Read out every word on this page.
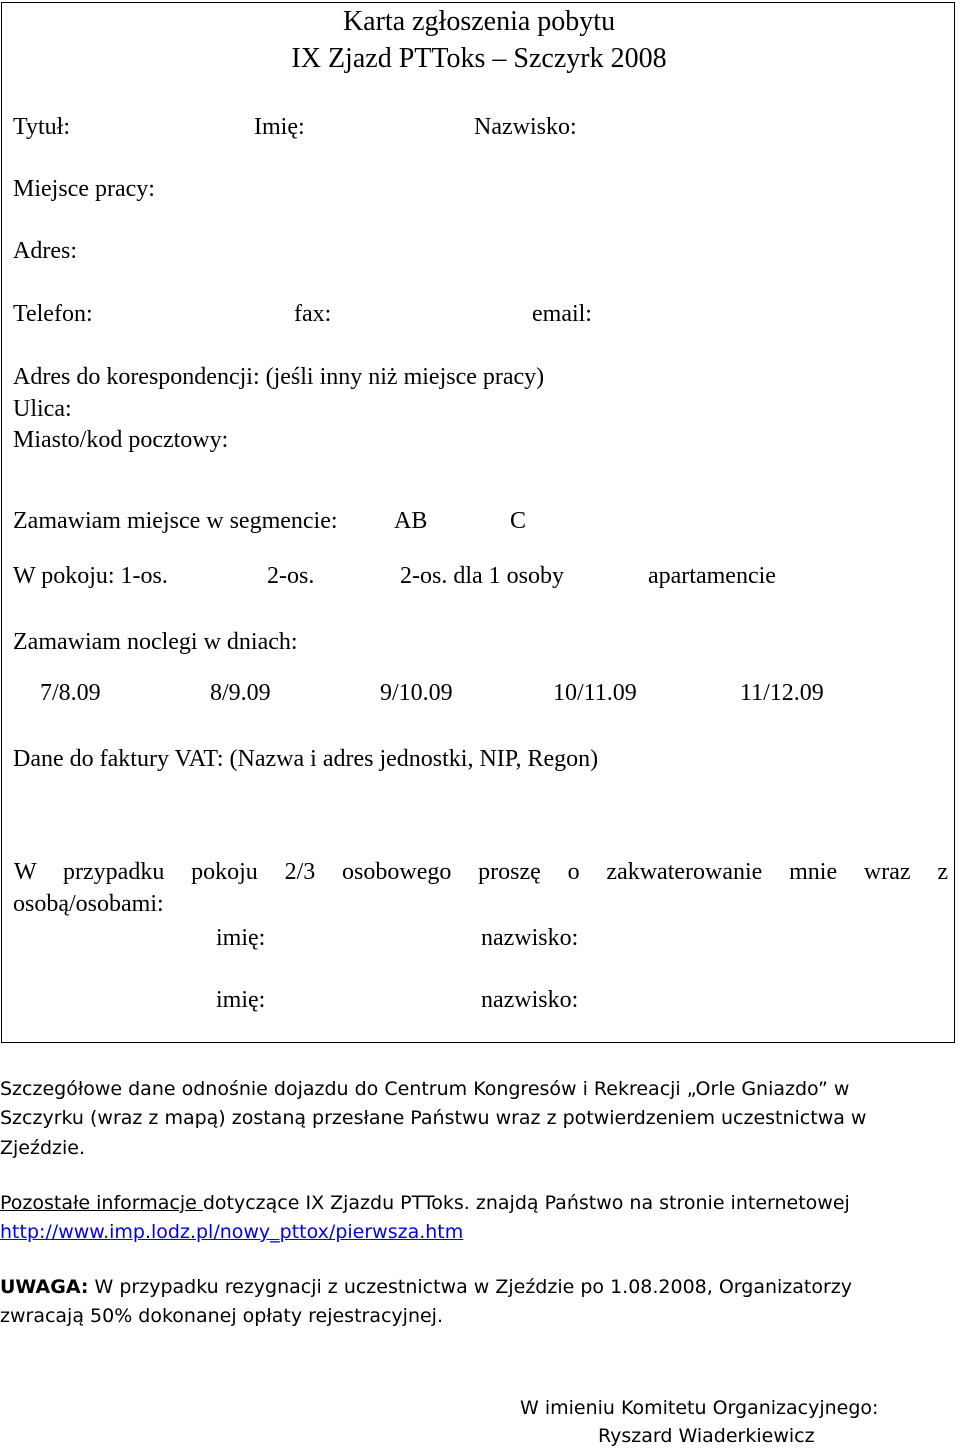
Karta zgłoszenia pobytu
IX Zjazd PTToks – Szczyrk 2008
Tytuł:	Imię:	Nazwisko:
Miejsce pracy:
Adres:
Telefon:	fax:	email:
Adres do korespondencji: (jeśli inny niż miejsce pracy)
Ulica:
Miasto/kod pocztowy:
Zamawiam miejsce w segmencie: AB	C
W pokoju: 1-os.	2-os.	2-os. dla 1 osoby	apartamencie
Zamawiam noclegi w dniach:
7/8.09	8/9.09	9/10.09	10/11.09	11/12.09
Dane do faktury VAT: (Nazwa i adres jednostki, NIP, Regon)
W przypadku pokoju 2/3 osobowego proszę o zakwaterowanie mnie wraz z
osobą/osobami:
imię:	nazwisko:
imię:	nazwisko:
Szczegółowe dane odnośnie dojazdu do Centrum Kongresów i Rekreacji „Orle Gniazdo” w
Szczyrku (wraz z mapą) zostaną przesłane Państwu wraz z potwierdzeniem uczestnictwa w
Zjeździe.
Pozostałe informacje dotyczące IX Zjazdu PTToks. znajdą Państwo na stronie internetowej
http://www.imp.lodz.pl/nowy_pttox/pierwsza.htm
UWAGA: W przypadku rezygnacji z uczestnictwa w Zjeździe po 1.08.2008, Organizatorzy
zwracają 50% dokonanej opłaty rejestracyjnej.
W imieniu Komitetu Organizacyjnego:
Ryszard Wiaderkiewicz
